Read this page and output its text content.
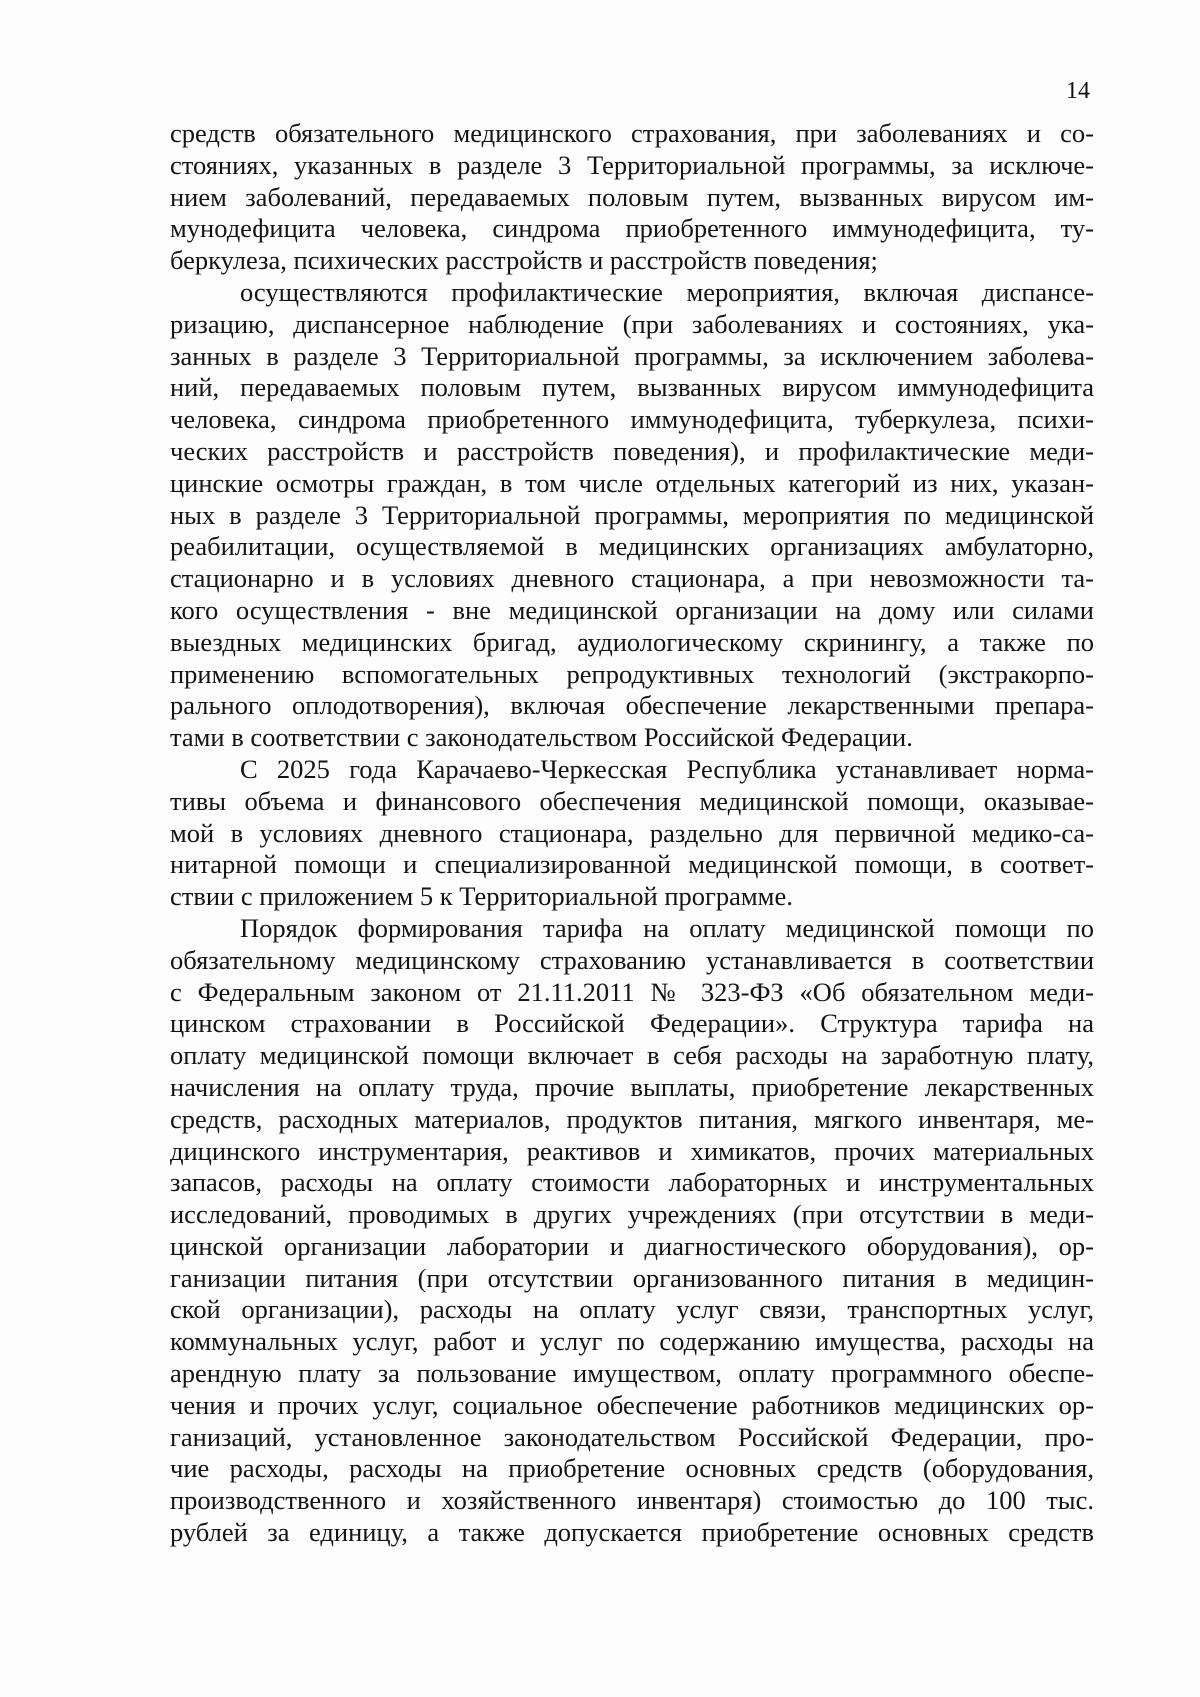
14
средств обязательного медицинского страхования, при заболеваниях и со-
стояниях, указанных в разделе 3 Территориальной программы, за исключе-
нием заболеваний, передаваемых половым путем, вызванных вирусом им-
мунодефицита человека, синдрома приобретенного иммунодефицита, ту-
беркулеза, психических расстройств и расстройств поведения;
осуществляются профилактические мероприятия, включая диспансе-
ризацию, диспансерное наблюдение (при заболеваниях и состояниях, ука-
занных в разделе 3 Территориальной программы, за исключением заболева-
ний, передаваемых половым путем, вызванных вирусом иммунодефицита
человека, синдрома приобретенного иммунодефицита, туберкулеза, психи-
ческих расстройств и расстройств поведения), и профилактические меди-
цинские осмотры граждан, в том числе отдельных категорий из них, указан-
ных в разделе 3 Территориальной программы, мероприятия по медицинской
реабилитации, осуществляемой в медицинских организациях амбулаторно,
стационарно и в условиях дневного стационара, а при невозможности та-
кого осуществления - вне медицинской организации на дому или силами
выездных медицинских бригад, аудиологическому скринингу, а также по
применению вспомогательных репродуктивных технологий (экстракорпо-
рального оплодотворения), включая обеспечение лекарственными препара-
тами в соответствии с законодательством Российской Федерации.
С 2025 года Карачаево-Черкесская Республика устанавливает норма-
тивы объема и финансового обеспечения медицинской помощи, оказывае-
мой в условиях дневного стационара, раздельно для первичной медико-са-
нитарной помощи и специализированной медицинской помощи, в соответ-
ствии с приложением 5 к Территориальной программе.
Порядок формирования тарифа на оплату медицинской помощи по
обязательному медицинскому страхованию устанавливается в соответствии
с Федеральным законом от 21.11.2011 № 323-ФЗ «Об обязательном меди-
цинском страховании в Российской Федерации». Структура тарифа на
оплату медицинской помощи включает в себя расходы на заработную плату,
начисления на оплату труда, прочие выплаты, приобретение лекарственных
средств, расходных материалов, продуктов питания, мягкого инвентаря, ме-
дицинского инструментария, реактивов и химикатов, прочих материальных
запасов, расходы на оплату стоимости лабораторных и инструментальных
исследований, проводимых в других учреждениях (при отсутствии в меди-
цинской организации лаборатории и диагностического оборудования), ор-
ганизации питания (при отсутствии организованного питания в медицин-
ской организации), расходы на оплату услуг связи, транспортных услуг,
коммунальных услуг, работ и услуг по содержанию имущества, расходы на
арендную плату за пользование имуществом, оплату программного обеспе-
чения и прочих услуг, социальное обеспечение работников медицинских ор-
ганизаций, установленное законодательством Российской Федерации, про-
чие расходы, расходы на приобретение основных средств (оборудования,
производственного и хозяйственного инвентаря) стоимостью до 100 тыс.
рублей за единицу, а также допускается приобретение основных средств
